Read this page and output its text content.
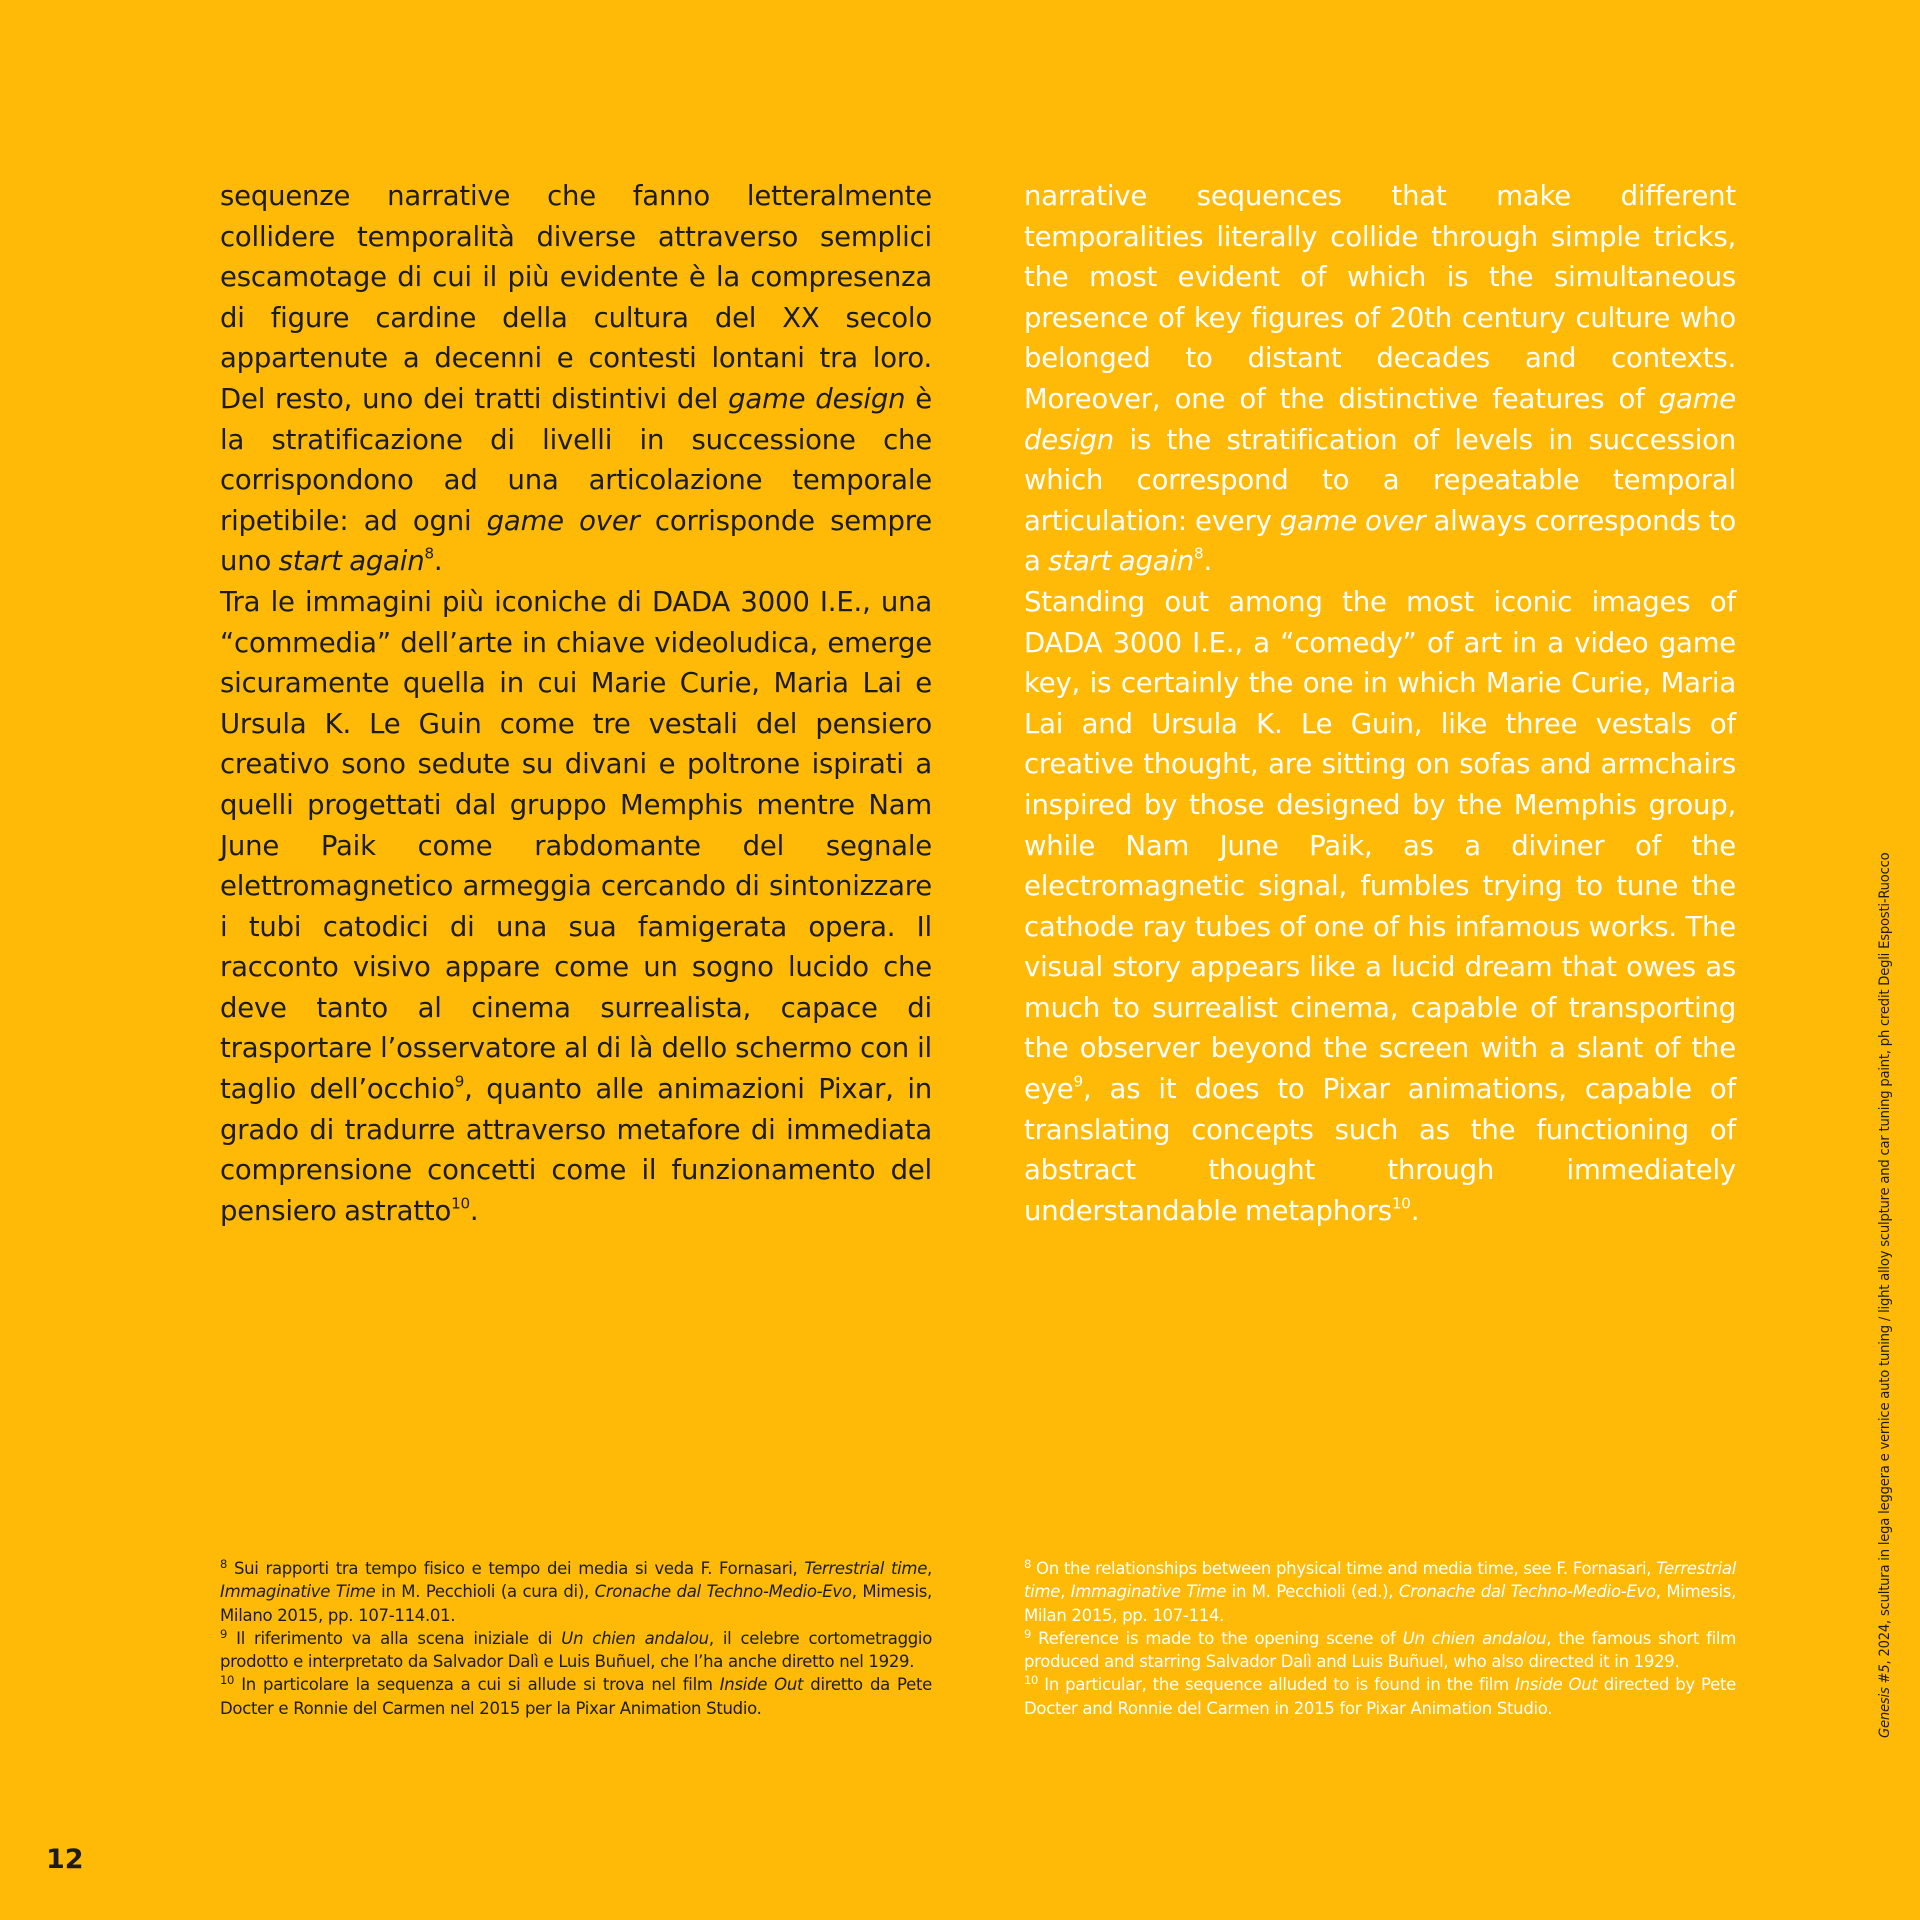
sequenze narrative che fanno letteralmente collidere temporalità diverse attraverso semplici escamotage di cui il più evidente è la compresenza di figure cardine della cultura del XX secolo appartenute a decenni e contesti lontani tra loro. Del resto, uno dei tratti distintivi del game design è la stratificazione di livelli in successione che corrispondono ad una articolazione temporale ripetibile: ad ogni game over corrisponde sempre uno start again$^8$.

Tra le immagini più iconiche di DADA 3000 I.E., una “commedia” dell’arte in chiave videoludica, emerge sicuramente quella in cui Marie Curie, Maria Lai e Ursula K. Le Guin come tre vestali del pensiero creativo sono sedute su divani e poltrone ispirati a quelli progettati dal gruppo Memphis mentre Nam June Paik come rabdomante del segnale elettromagnetico armeggia cercando di sintonizzare i tubi catodici di una sua famigerata opera. Il racconto visivo appare come un sogno lucido che deve tanto al cinema surrealista, capace di trasportare l’osservatore al di là dello schermo con il taglio dell’occhio$^9$, quanto alle animazioni Pixar, in grado di tradurre attraverso metafore di immediata comprensione concetti come il funzionamento del pensiero astratto$^{10}$.

narrative sequences that make different temporalities literally collide through simple tricks, the most evident of which is the simultaneous presence of key figures of 20th century culture who belonged to distant decades and contexts. Moreover, one of the distinctive features of game design is the stratification of levels in succession which correspond to a repeatable temporal articulation: every game over always corresponds to a start again$^8$.

Standing out among the most iconic images of DADA 3000 I.E., a “comedy” of art in a video game key, is certainly the one in which Marie Curie, Maria Lai and Ursula K. Le Guin, like three vestals of creative thought, are sitting on sofas and armchairs inspired by those designed by the Memphis group, while Nam June Paik, as a diviner of the electromagnetic signal, fumbles trying to tune the cathode ray tubes of one of his infamous works. The visual story appears like a lucid dream that owes as much to surrealist cinema, capable of transporting the observer beyond the screen with a slant of the eye$^9$, as it does to Pixar animations, capable of translating concepts such as the functioning of abstract thought through immediately understandable metaphors$^{10}$.

$^8$ Sui rapporti tra tempo fisico e tempo dei media si veda F. Fornasari, Terrestrial time, Immaginative Time in M. Pecchioli (a cura di), Cronache dal Techno-Medio-Evo, Mimesis, Milano 2015, pp. 107-114.01.

$^9$ Il riferimento va alla scena iniziale di Un chien andalou, il celebre cortometraggio prodotto e interpretato da Salvador Dalì e Luis Buñuel, che l’ha anche diretto nel 1929.

$^{10}$ In particolare la sequenza a cui si allude si trova nel film Inside Out diretto da Pete Docter e Ronnie del Carmen nel 2015 per la Pixar Animation Studio.

$^8$ On the relationships between physical time and media time, see F. Fornasari, Terrestrial time, Immaginative Time in M. Pecchioli (ed.), Cronache dal Techno-Medio-Evo, Mimesis, Milan 2015, pp. 107-114.

$^9$ Reference is made to the opening scene of Un chien andalou, the famous short film produced and starring Salvador Dalì and Luis Buñuel, who also directed it in 1929.

$^{10}$ In particular, the sequence alluded to is found in the film Inside Out directed by Pete Docter and Ronnie del Carmen in 2015 for Pixar Animation Studio.

12
Genesis #5, 2024, scultura in lega leggera e vernice auto tuning / light alloy sculpture and car tuning paint, ph credit Degli Esposti-Ruocco
